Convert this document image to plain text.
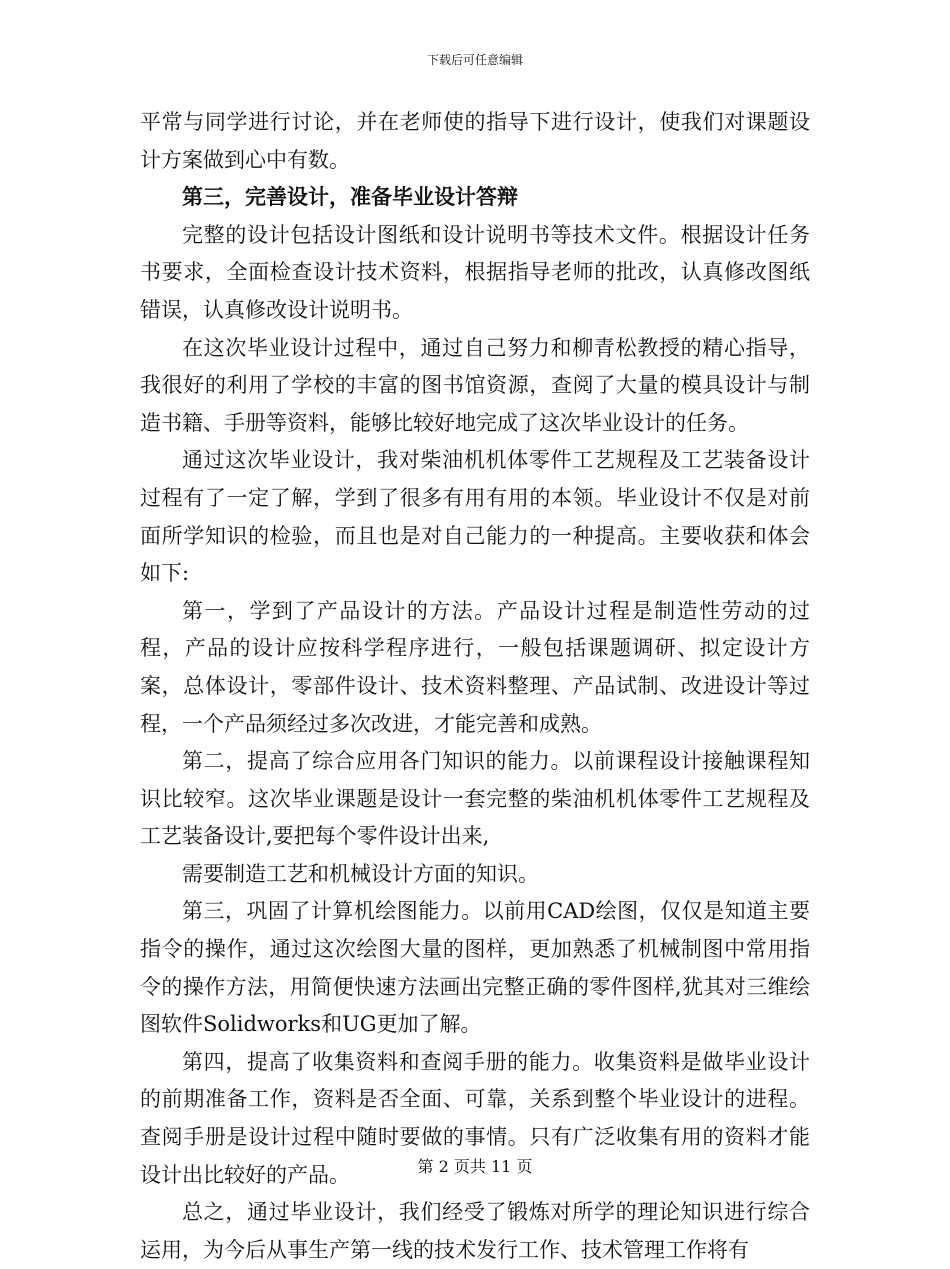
下载后可任意编辑

平常与同学进行讨论，并在老师使的指导下进行设计，使我们对课题设计方案做到心中有数。

第三，完善设计，准备毕业设计答辩

完整的设计包括设计图纸和设计说明书等技术文件。根据设计任务书要求，全面检查设计技术资料，根据指导老师的批改，认真修改图纸错误，认真修改设计说明书。

在这次毕业设计过程中，通过自己努力和柳青松教授的精心指导，我很好的利用了学校的丰富的图书馆资源，查阅了大量的模具设计与制造书籍、手册等资料，能够比较好地完成了这次毕业设计的任务。

通过这次毕业设计，我对柴油机机体零件工艺规程及工艺装备设计过程有了一定了解，学到了很多有用有用的本领。毕业设计不仅是对前面所学知识的检验，而且也是对自己能力的一种提高。主要收获和体会如下:

第一，学到了产品设计的方法。产品设计过程是制造性劳动的过程，产品的设计应按科学程序进行，一般包括课题调研、拟定设计方案，总体设计，零部件设计、技术资料整理、产品试制、改进设计等过程，一个产品须经过多次改进，才能完善和成熟。

第二，提高了综合应用各门知识的能力。以前课程设计接触课程知识比较窄。这次毕业课题是设计一套完整的柴油机机体零件工艺规程及工艺装备设计,要把每个零件设计出来,

需要制造工艺和机械设计方面的知识。

第三，巩固了计算机绘图能力。以前用CAD绘图，仅仅是知道主要指令的操作，通过这次绘图大量的图样，更加熟悉了机械制图中常用指令的操作方法，用简便快速方法画出完整正确的零件图样,犹其对三维绘图软件Solidworks和UG更加了解。

第四，提高了收集资料和查阅手册的能力。收集资料是做毕业设计的前期准备工作，资料是否全面、可靠，关系到整个毕业设计的进程。查阅手册是设计过程中随时要做的事情。只有广泛收集有用的资料才能设计出比较好的产品。

总之，通过毕业设计，我们经受了锻炼对所学的理论知识进行综合运用，为今后从事生产第一线的技术发行工作、技术管理工作将有

第 2 页共 11 页
